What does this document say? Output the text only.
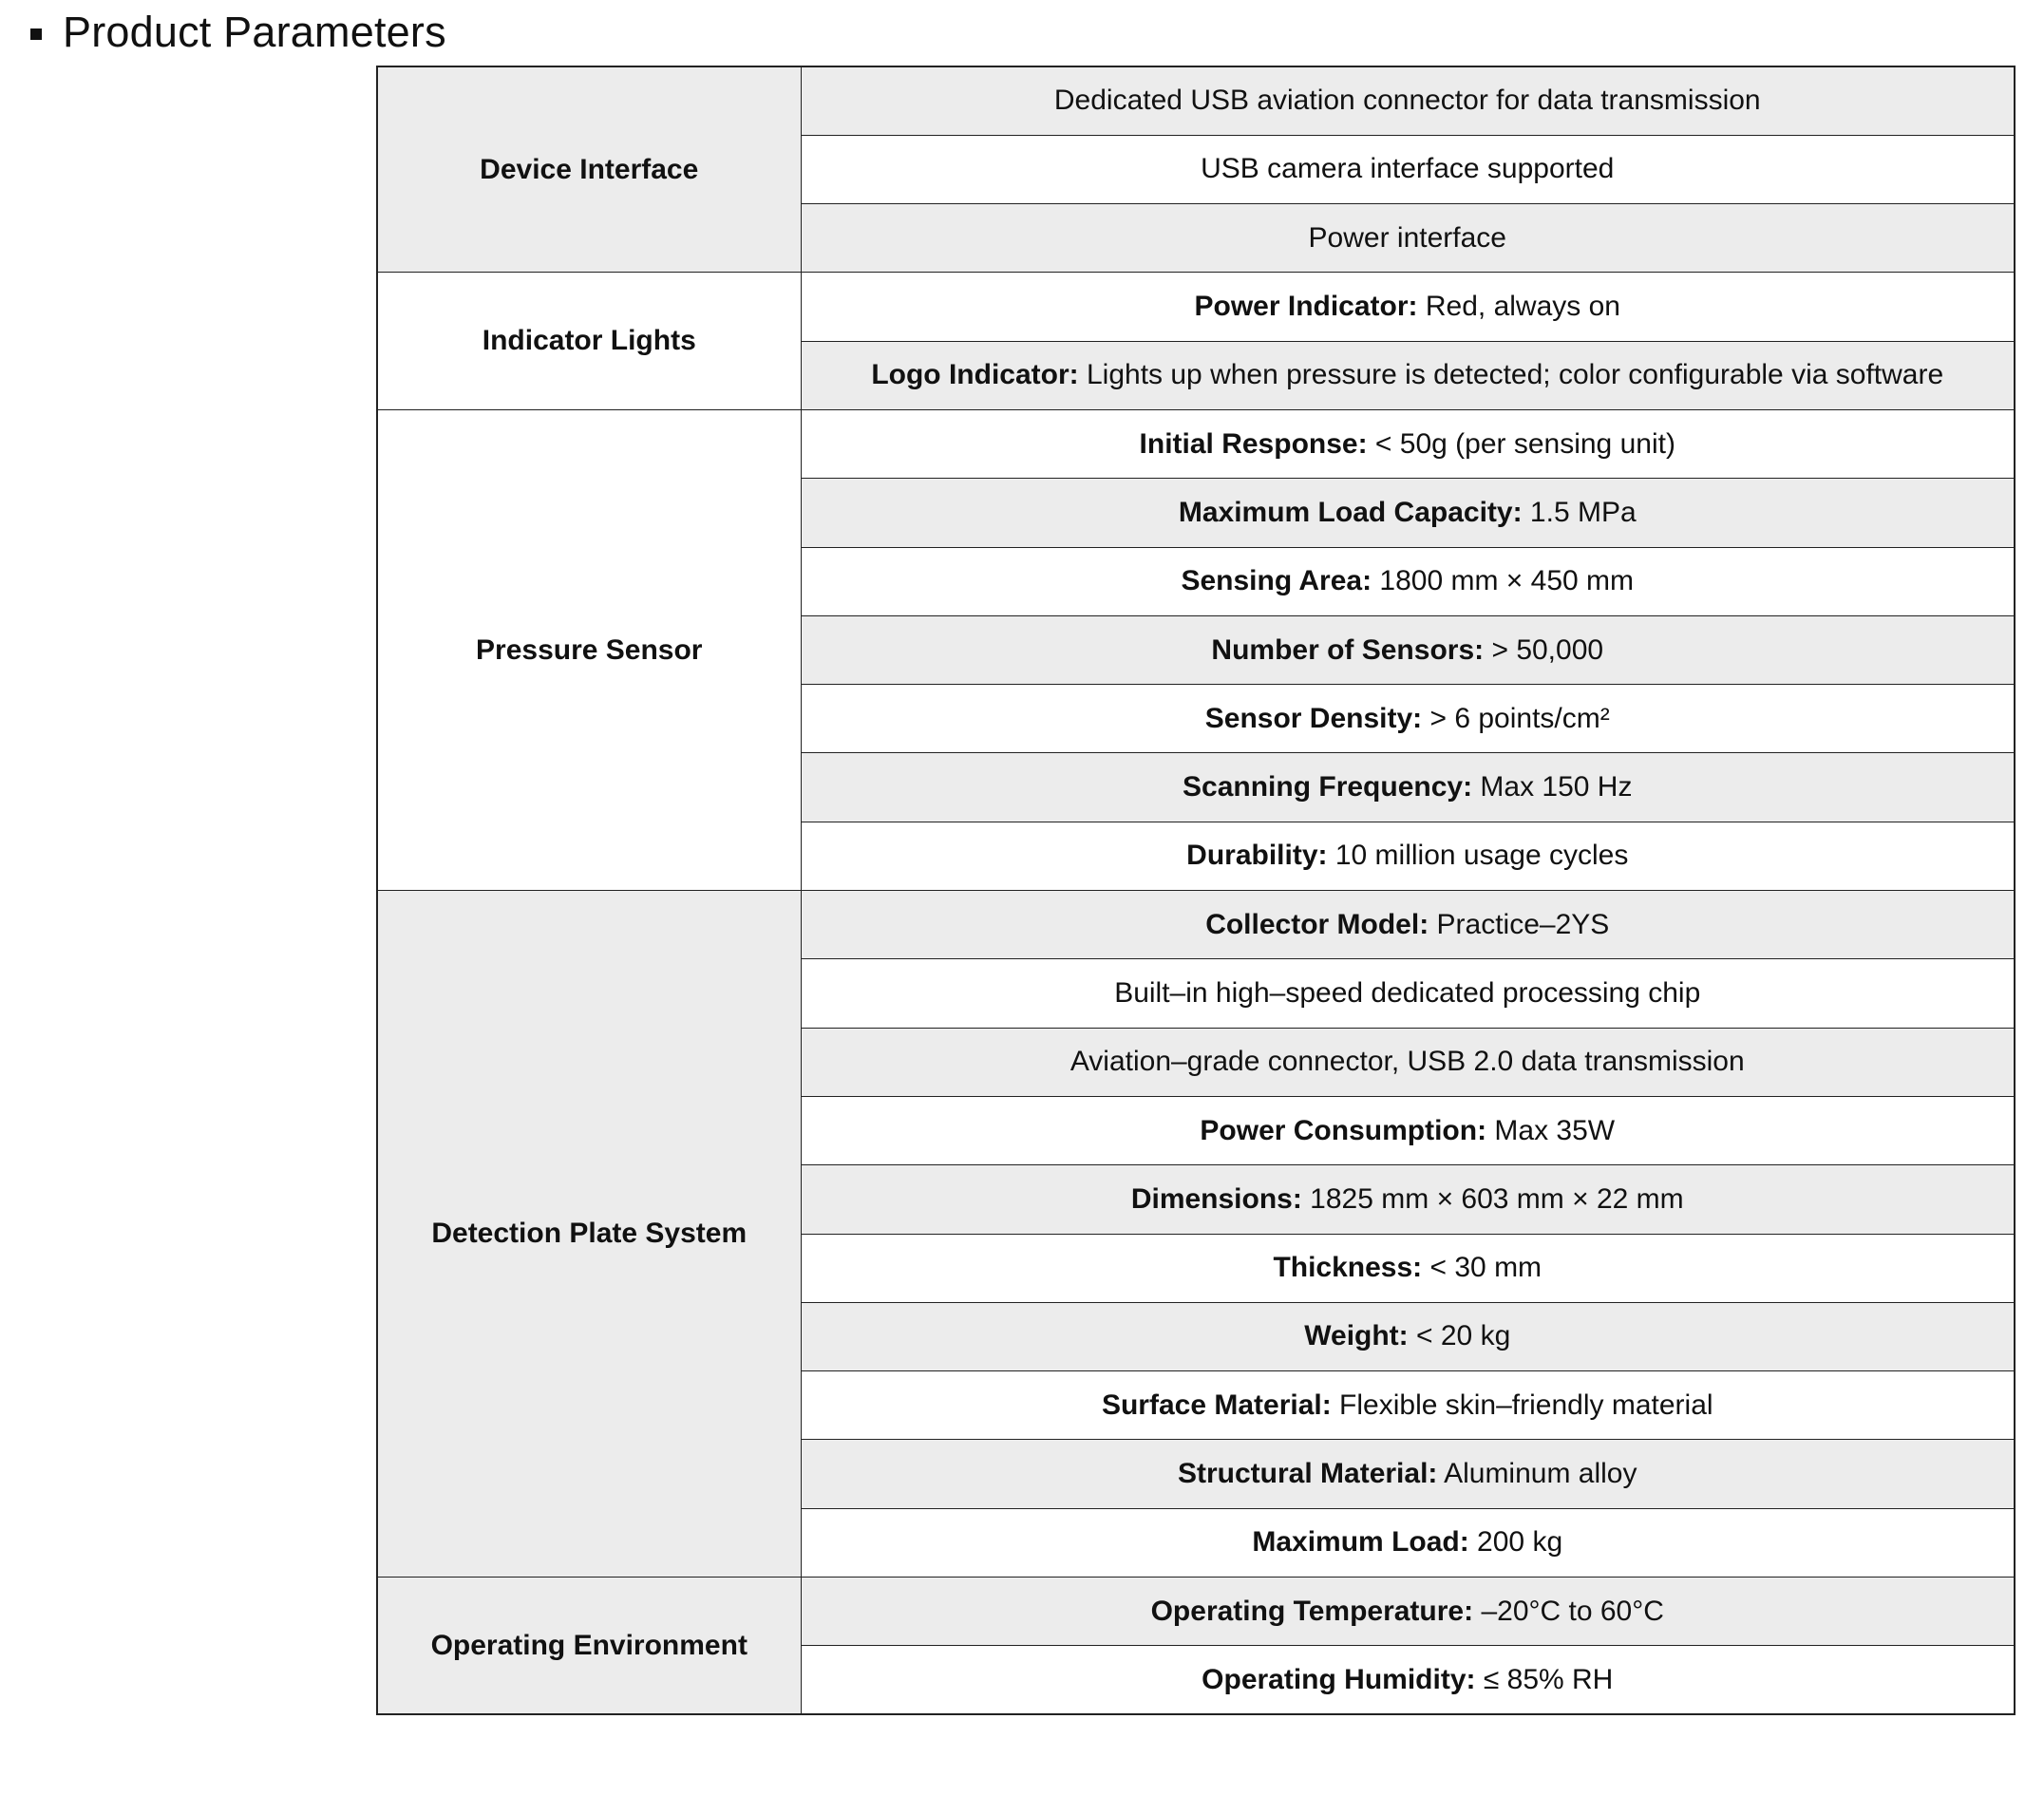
Product Parameters
Device Interface	Dedicated USB aviation connector for data transmission
	USB camera interface supported
	Power interface
Indicator Lights	Power Indicator: Red, always on
	Logo Indicator: Lights up when pressure is detected; color configurable via software
Pressure Sensor	Initial Response: < 50g (per sensing unit)
	Maximum Load Capacity: 1.5 MPa
	Sensing Area: 1800 mm × 450 mm
	Number of Sensors: > 50,000
	Sensor Density: > 6 points/cm²
	Scanning Frequency: Max 150 Hz
	Durability: 10 million usage cycles
Detection Plate System	Collector Model: Practice–2YS
	Built–in high–speed dedicated processing chip
	Aviation–grade connector, USB 2.0 data transmission
	Power Consumption: Max 35W
	Dimensions: 1825 mm × 603 mm × 22 mm
	Thickness: < 30 mm
	Weight: < 20 kg
	Surface Material: Flexible skin–friendly material
	Structural Material: Aluminum alloy
	Maximum Load: 200 kg
Operating Environment	Operating Temperature: –20°C to 60°C
	Operating Humidity: ≤ 85% RH
